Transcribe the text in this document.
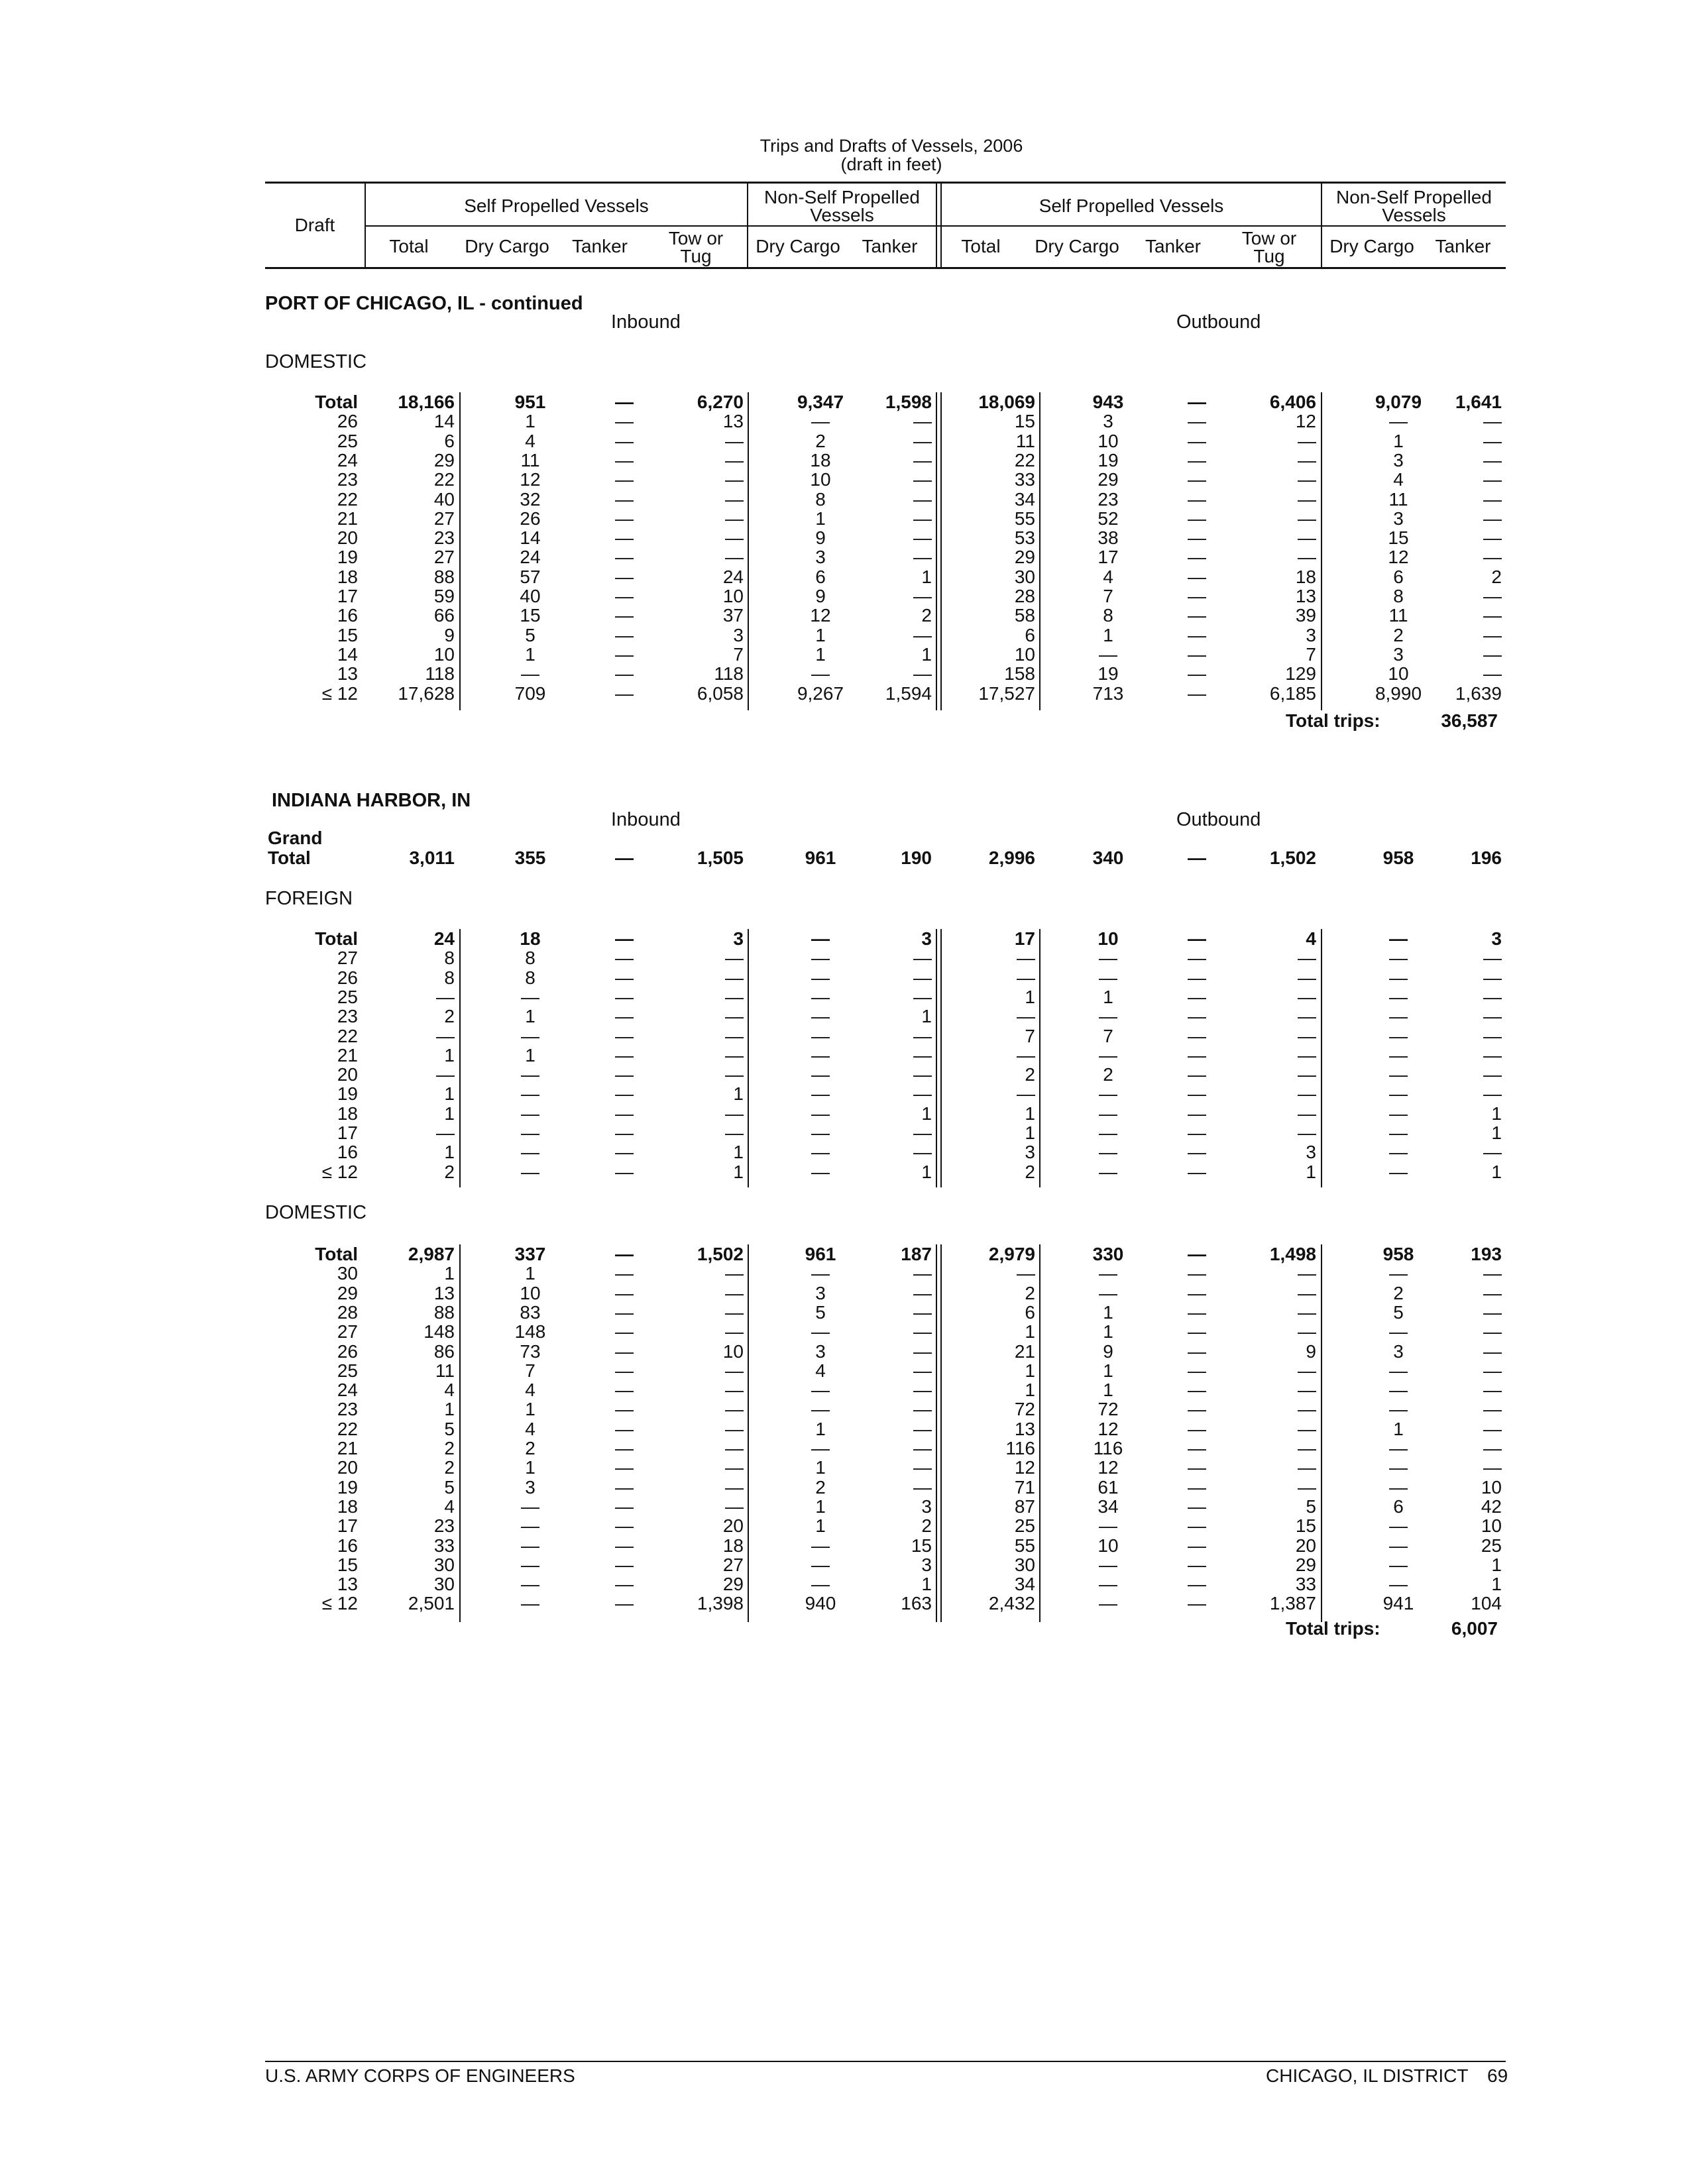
Trips and Drafts of Vessels, 2006
(draft in feet)
Draft
Self Propelled Vessels	Non-Self Propelled Vessels	Self Propelled Vessels	Non-Self Propelled Vessels
Total	Dry Cargo	Tanker	Tow or Tug	Dry Cargo	Tanker	Total	Dry Cargo	Tanker	Tow or Tug	Dry Cargo	Tanker
PORT OF CHICAGO, IL - continued
Inbound	Outbound
DOMESTIC
Total	18,166	951	—	6,270	9,347	1,598	18,069	943	—	6,406	9,079	1,641
26	14	1	—	13	—	—	15	3	—	12	—	—
25	6	4	—	—	2	—	11	10	—	—	1	—
24	29	11	—	—	18	—	22	19	—	—	3	—
23	22	12	—	—	10	—	33	29	—	—	4	—
22	40	32	—	—	8	—	34	23	—	—	11	—
21	27	26	—	—	1	—	55	52	—	—	3	—
20	23	14	—	—	9	—	53	38	—	—	15	—
19	27	24	—	—	3	—	29	17	—	—	12	—
18	88	57	—	24	6	1	30	4	—	18	6	2
17	59	40	—	10	9	—	28	7	—	13	8	—
16	66	15	—	37	12	2	58	8	—	39	11	—
15	9	5	—	3	1	—	6	1	—	3	2	—
14	10	1	—	7	1	1	10	—	—	7	3	—
13	118	—	—	118	—	—	158	19	—	129	10	—
≤ 12	17,628	709	—	6,058	9,267	1,594	17,527	713	—	6,185	8,990	1,639
Total trips:	36,587
INDIANA HARBOR, IN
Inbound	Outbound
Grand
Total	3,011	355	—	1,505	961	190	2,996	340	—	1,502	958	196
FOREIGN
Total	24	18	—	3	—	3	17	10	—	4	—	3
27	8	8	—	—	—	—	—	—	—	—	—	—
26	8	8	—	—	—	—	—	—	—	—	—	—
25	—	—	—	—	—	—	1	1	—	—	—	—
23	2	1	—	—	—	1	—	—	—	—	—	—
22	—	—	—	—	—	—	7	7	—	—	—	—
21	1	1	—	—	—	—	—	—	—	—	—	—
20	—	—	—	—	—	—	2	2	—	—	—	—
19	1	—	—	1	—	—	—	—	—	—	—	—
18	1	—	—	—	—	1	1	—	—	—	—	1
17	—	—	—	—	—	—	1	—	—	—	—	1
16	1	—	—	1	—	—	3	—	—	3	—	—
≤ 12	2	—	—	1	—	1	2	—	—	1	—	1
DOMESTIC
Total	2,987	337	—	1,502	961	187	2,979	330	—	1,498	958	193
30	1	1	—	—	—	—	—	—	—	—	—	—
29	13	10	—	—	3	—	2	—	—	—	2	—
28	88	83	—	—	5	—	6	1	—	—	5	—
27	148	148	—	—	—	—	1	1	—	—	—	—
26	86	73	—	10	3	—	21	9	—	9	3	—
25	11	7	—	—	4	—	1	1	—	—	—	—
24	4	4	—	—	—	—	1	1	—	—	—	—
23	1	1	—	—	—	—	72	72	—	—	—	—
22	5	4	—	—	1	—	13	12	—	—	1	—
21	2	2	—	—	—	—	116	116	—	—	—	—
20	2	1	—	—	1	—	12	12	—	—	—	—
19	5	3	—	—	2	—	71	61	—	—	—	10
18	4	—	—	—	1	3	87	34	—	5	6	42
17	23	—	—	20	1	2	25	—	—	15	—	10
16	33	—	—	18	—	15	55	10	—	20	—	25
15	30	—	—	27	—	3	30	—	—	29	—	1
13	30	—	—	29	—	1	34	—	—	33	—	1
≤ 12	2,501	—	—	1,398	940	163	2,432	—	—	1,387	941	104
Total trips:	6,007
U.S. ARMY CORPS OF ENGINEERS	CHICAGO, IL DISTRICT 69
